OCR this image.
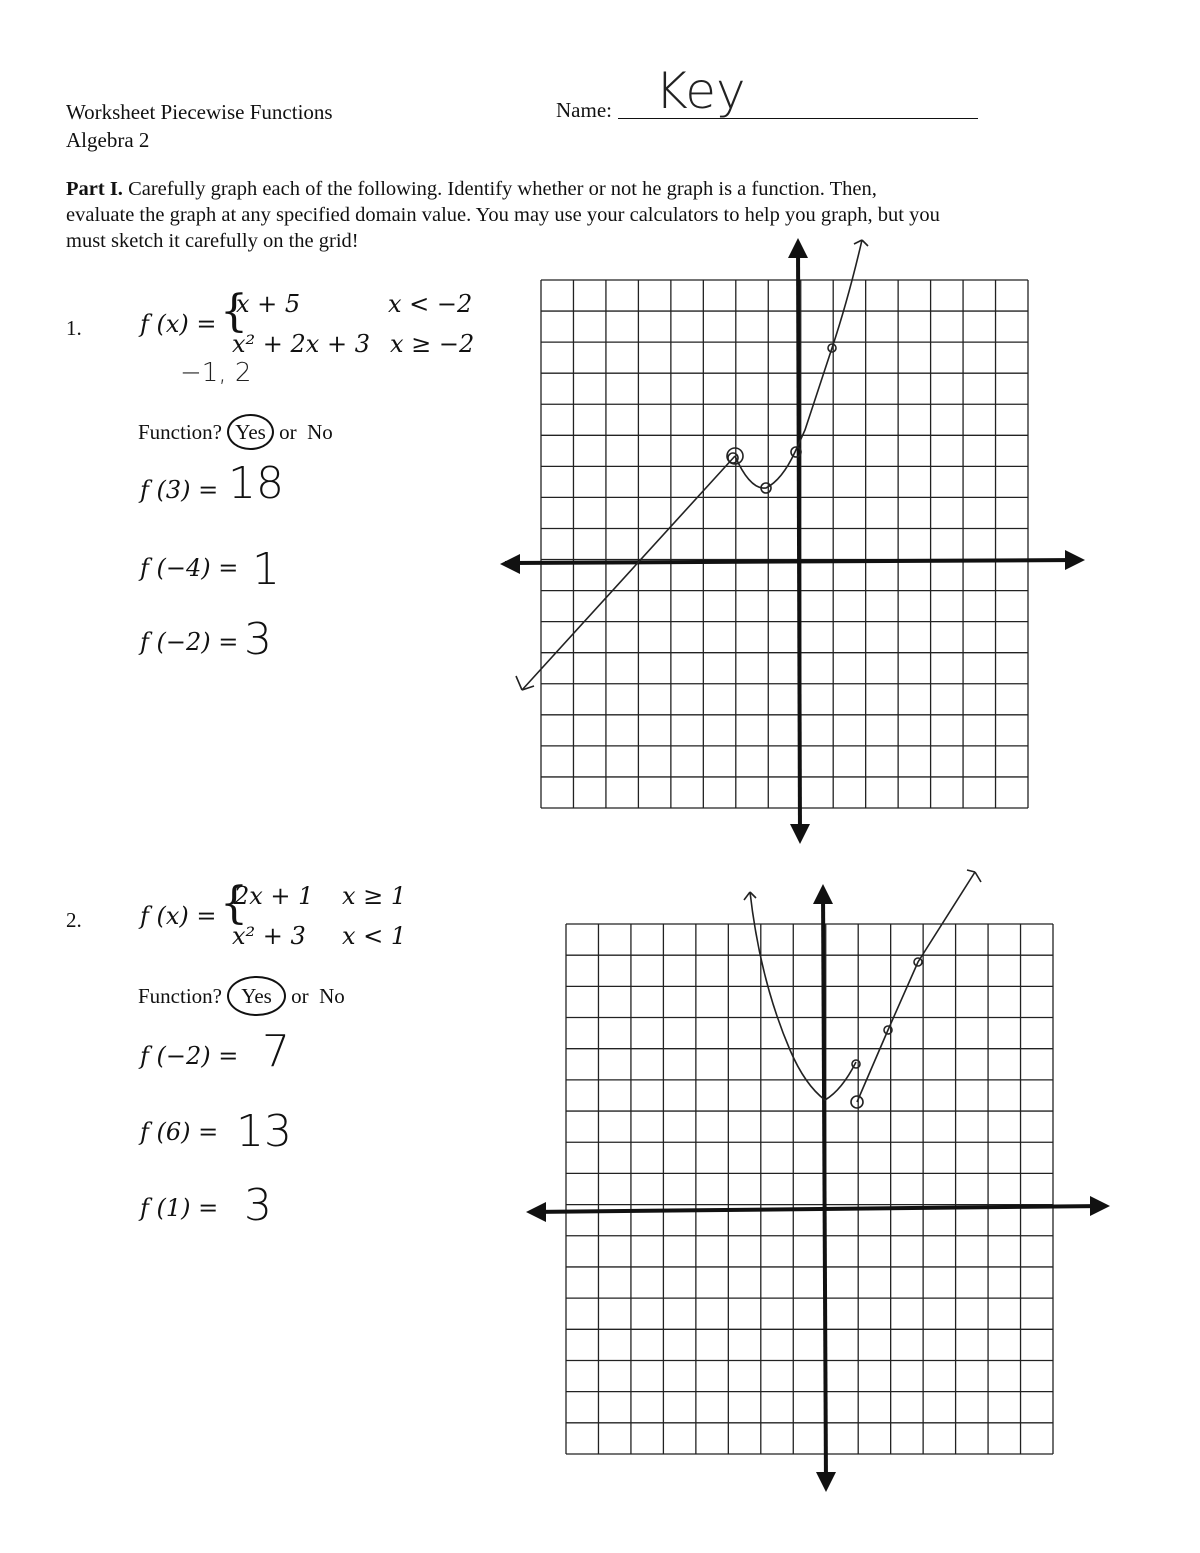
Worksheet Piecewise Functions
Algebra 2
Name: Key
Part I. Carefully graph each of the following. Identify whether or not he graph is a function. Then,
evaluate the graph at any specified domain value. You may use your calculators to help you graph, but you
must sketch it carefully on the grid!
1. f (x) = {
x + 5	x < −2
x² + 2x + 3 x ≥ −2
−1, 2
Function? Yes or No
f (3) = 18
f (−4) = 1
f (−2) = 3
2. f (x) = {
2x + 1 x ≥ 1
x² + 3 x < 1
Function? Yes or No
f (−2) = 7
f (6) = 13
f (1) = 3
